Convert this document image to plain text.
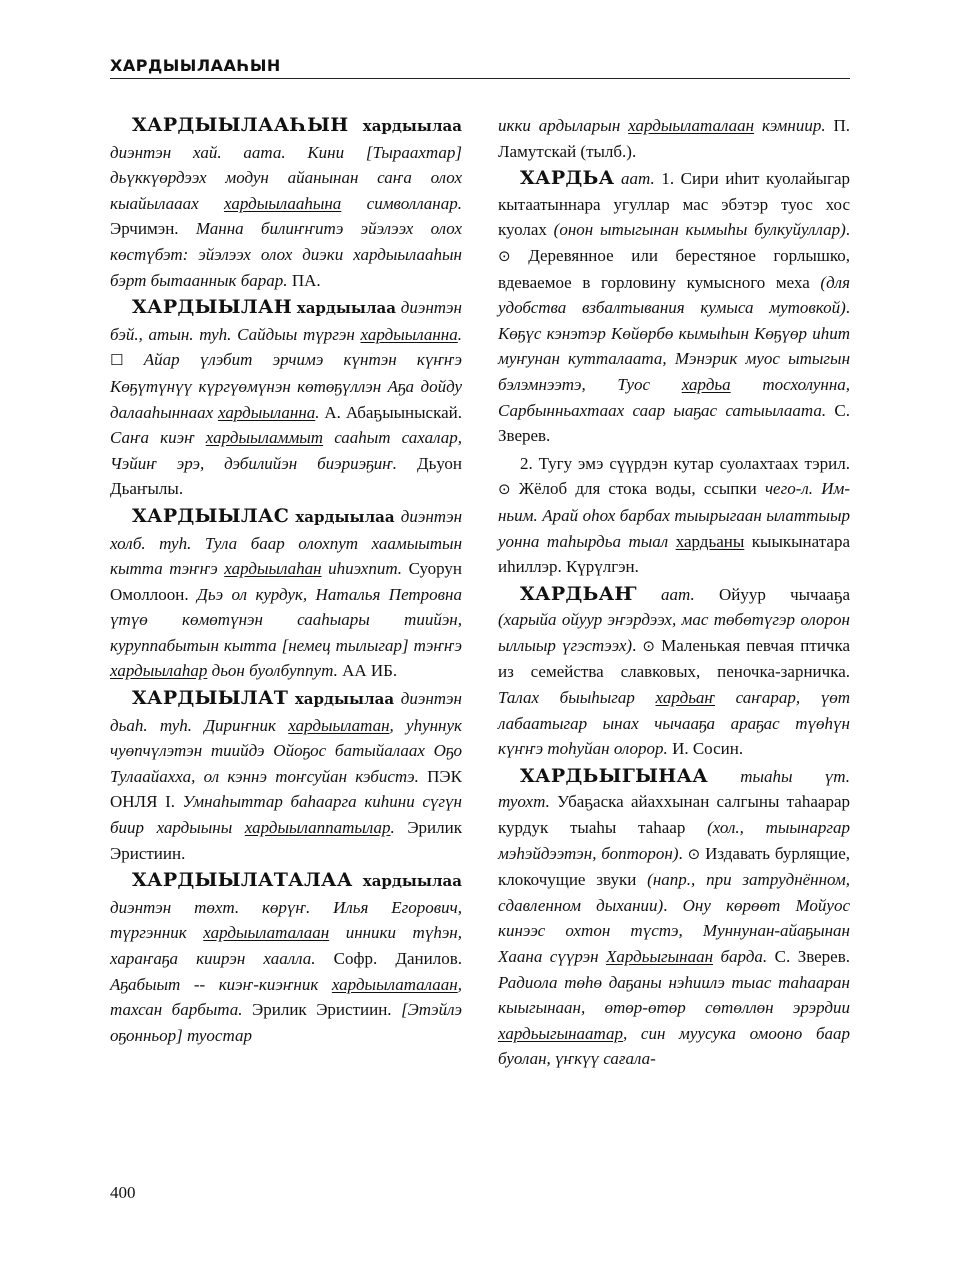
ХАРДЫЫЛААҺЫН

ХАРДЫЫЛААҺЫН хардыылаа диэнтэн хай. аата. Кини [Тыраахтар] дьүккүөрдээх модун айанынан саҥа олох кыайылааах хардыылааһынa символланар. Эрчимэн. Манна билиҥҥитэ эйэлээх олох көстүбэт: эйэлээх олох диэки хардыылааһын бэрт бытааннык барар. ПА.

ХАРДЫЫЛАН хардыылаа диэнтэн бэй., атын. туһ. Сайдыы түргэн хардыыланна. ☐ Айар үлэбит эрчимэ күнтэн күҥҥэ Көҕүтүнүү күргүөмүнэн көтөҕүллэн Аҕа дойду далааһыннаах хардыыланна. А. Абаҕыыныскай. Саҥа киэҥ хардыыламмыт сааһыт сахалар, Чэйиҥ эрэ, дэбилийэн биэриэҕиҥ. Дьуон Дьаҥылы.

ХАРДЫЫЛАС хардыылаа диэнтэн холб. туһ. Тула баар олохпут хаамыытын кытта тэҥҥэ хардыылаһан иһиэхпит. Суорун Омоллоон. Дьэ ол курдук, Наталья Петровна үтүө көмөтүнэн сааһыары тиийэн, куруппабытын кытта [немец тылыгар] тэҥҥэ хардыылаһар дьон буолбуппут. АА ИБ.

ХАРДЫЫЛАТ хардыылаа диэнтэн дьаһ. туһ. Дириҥник хардыылатан, уһуннук чуөпчүлэтэн тиийдэ Ойоҕос батыйалаах Оҕо Тулаайахха, ол кэннэ тоҥсуйан кэбистэ. ПЭК ОНЛЯ І. Умнаһыттар баһаарга киһини сүгүн биир хардыыны хардыылаппатылар. Эрилик Эристиин.

ХАРДЫЫЛАТАЛАА хардыылаа диэнтэн төхт. көрүҥ. Илья Егорович, түргэнник хардыылаталаан инники түһэн, хараҥаҕа киирэн хаалла. Софр. Данилов. Аҕабыыт -- киэҥ-киэҥник хардыылаталаан, тахсан барбыта. Эрилик Эристиин. [Этэйлэ оҕонньор] туостар

икки ардыларын хардыылаталаан кэмнииp. П. Ламутскай (тылб.).

ХАРДЬА аат. 1. Сири иһит куолайыгар кытаатыннара угуллар мас эбэтэр туос хос куолах (онон ытыгынан кымыһы булкуйуллар). ⊙ Деревянное или берестяное горлышко, вдеваемое в горловину кумысного меха (для удобства взбалтывания кумыса мутовкой). Көҕүс кэнэтэр Көйөрбө кымыһын Көҕүөр иһит муҥунан кутталаата, Мэнэрик муос ытыгын бэлэмнээтэ, Туос хардьа тосхолунна, Сарбынньахтаах саар ыаҕас сатыылаата. С. Зверев.

2. Тугу эмэ сүүрдэн кутар суолахтаах тэрил. ⊙ Жёлоб для стока воды, ссыпки чего-л. Им-ньим. Арай оһох барбах тыырыгаан ылаттыыр уонна таһырдьа тыал хардьаны кыыкынатара иһиллэр. Күрүлгэн.

ХАРДЬАҤ аат. Ойуур чычааҕа (харыйа ойуур эҥэрдээх, мас төбөтүгэр олорон ыллыыр үгэстээх). ⊙ Маленькая певчая птичка из семейства славковых, пеночка-зарничка. Талах быыһыгар хардьаҥ саҥарар, үөт лабаатыгар ынах чычааҕа араҕас түөһүн күҥҥэ тоһуйан олорор. И. Сосин.

ХАРДЬЫГЫНАА тыаһы үт. туохт. Убаҕаска айаххынан салгыны таһаарар курдук тыаһы таһаар (хол., тыынаргар мэһэйдээтэн, бопторон). ⊙ Издавать бурлящие, клокочущие звуки (напр., при затруднённом, сдавленном дыхании). Ону көрөөт Мойуос кинээс охтон түстэ, Муннунан-айаҕынан Хаана сүүрэн Хардьыгынаан барда. С. Зверев. Радиола төһө даҕаны нэһиилэ тыас таһааран кыыгынаан, өтөр-өтөр сөтөллөн эрэрдии хардьыгынаатар, син муусука омооно баар буолан, үҥкүү сағала-

400
